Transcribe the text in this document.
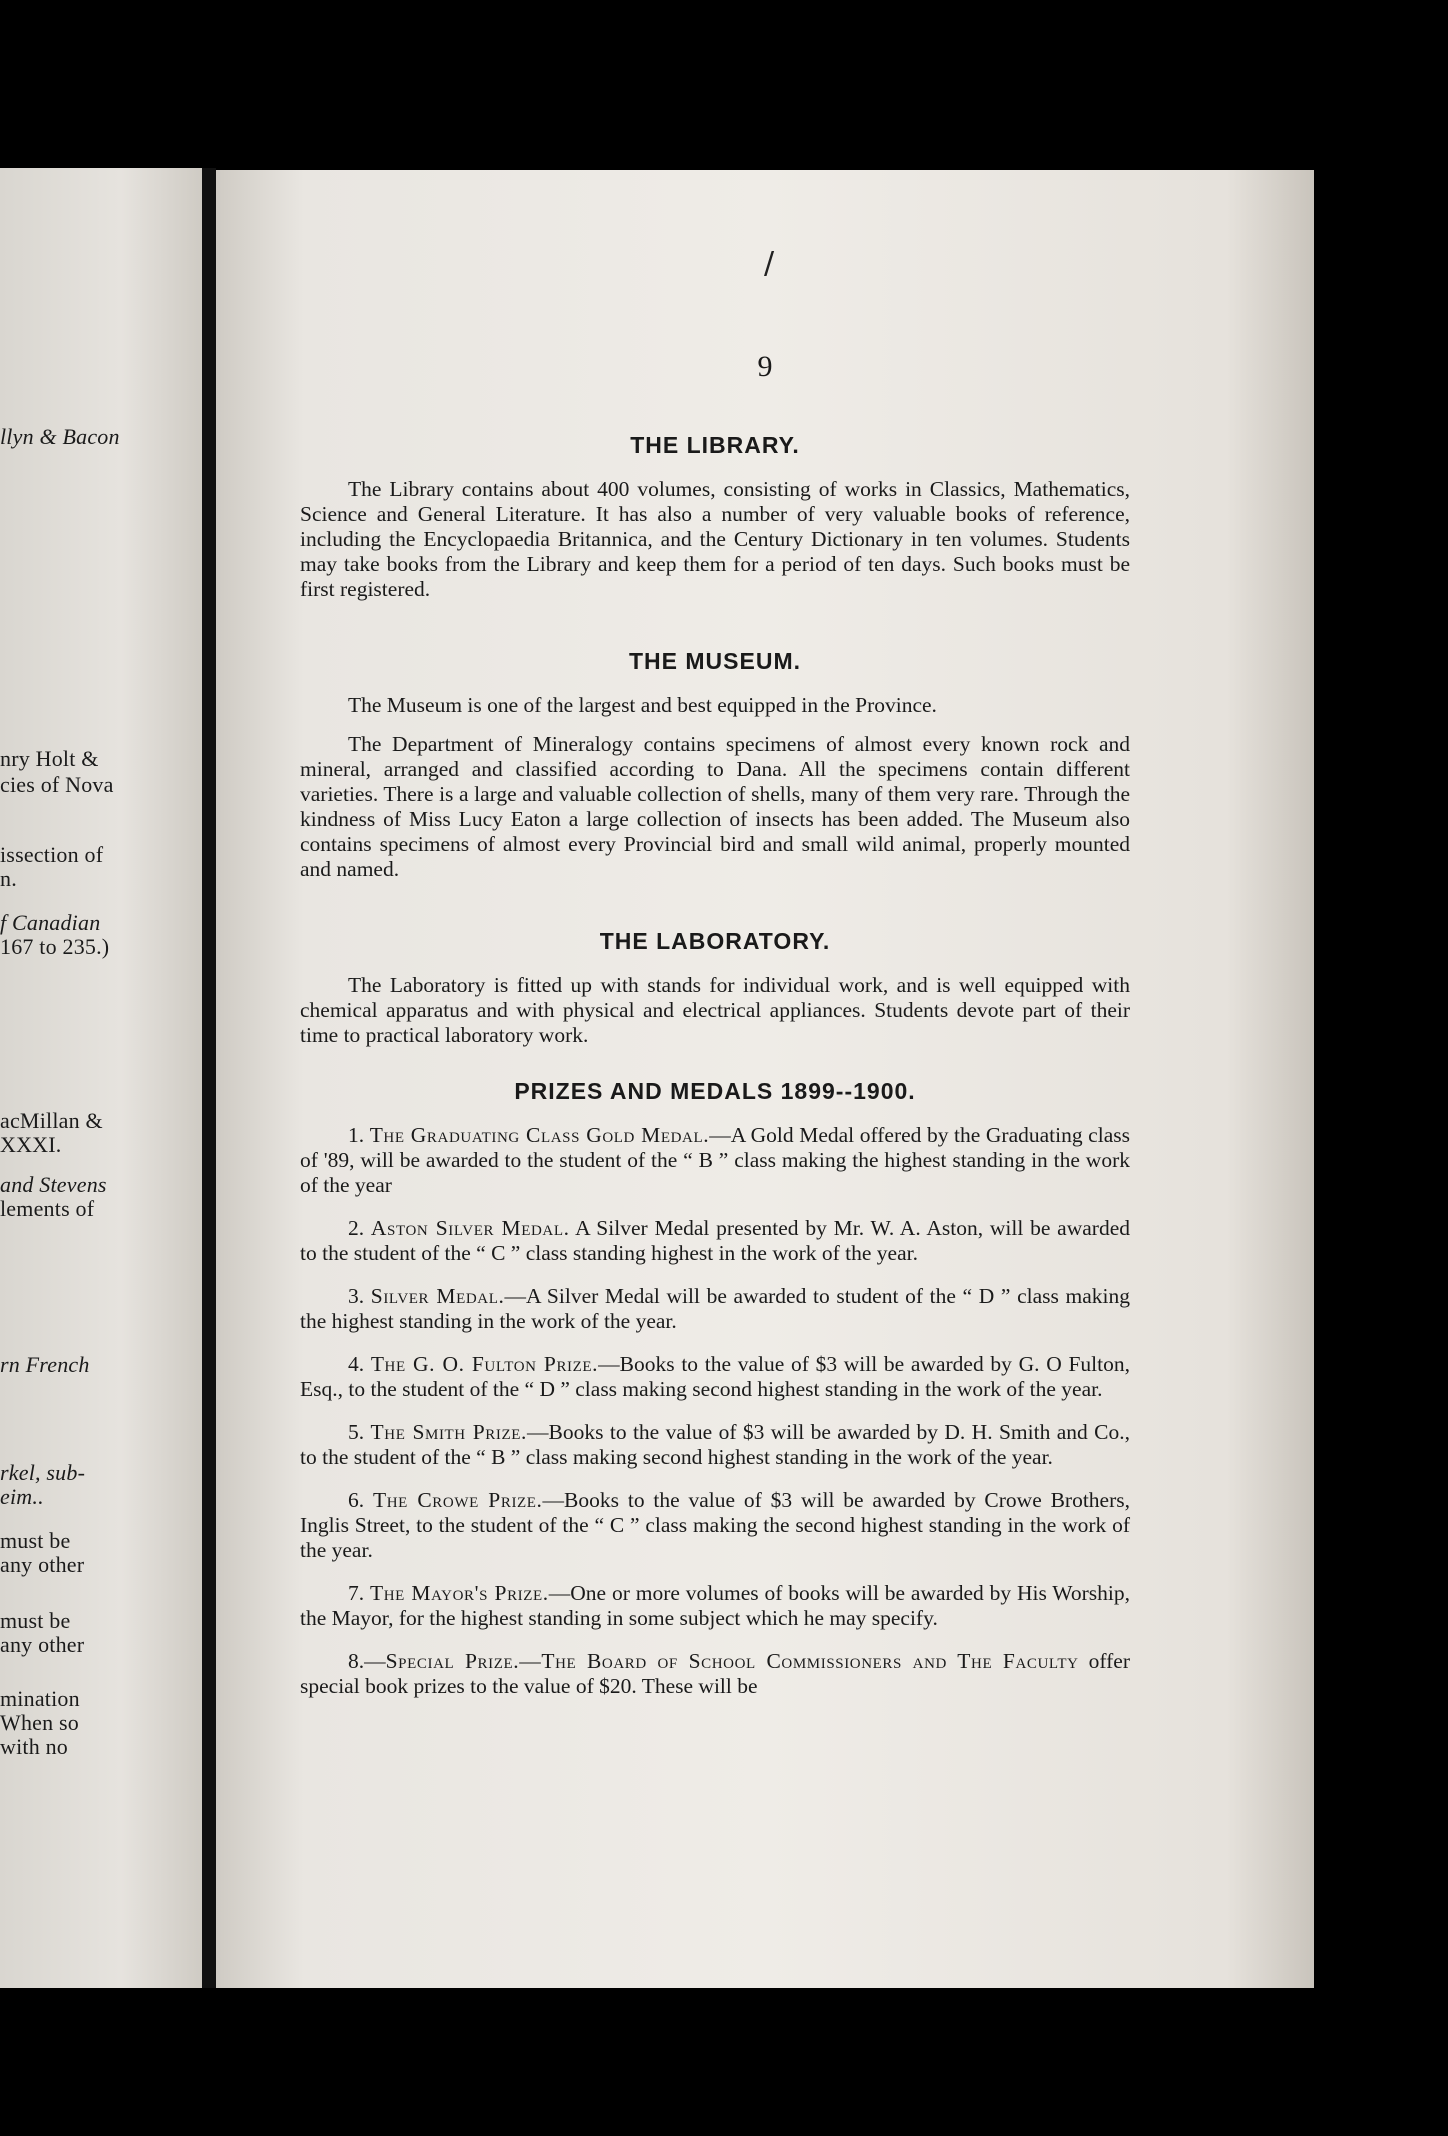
llyn & Bacon
nry Holt &
cies of Nova
issection of
n.
f Canadian
167 to 235.)
acMillan &
XXXI.
and Stevens
lements of
rn French
rkel, sub-
eim..
must be
any other
must be
any other
mination
When so
with no
/
9
THE LIBRARY.

The Library contains about 400 volumes, consisting of works in Classics, Mathematics, Science and General Literature. It has also a number of very valuable books of reference, including the Encyclopaedia Britannica, and the Century Dictionary in ten volumes. Students may take books from the Library and keep them for a period of ten days. Such books must be first registered.

THE MUSEUM.

The Museum is one of the largest and best equipped in the Province.

The Department of Mineralogy contains specimens of almost every known rock and mineral, arranged and classified according to Dana. All the specimens contain different varieties. There is a large and valuable collection of shells, many of them very rare. Through the kindness of Miss Lucy Eaton a large collection of insects has been added. The Museum also contains specimens of almost every Provincial bird and small wild animal, properly mounted and named.

THE LABORATORY.

The Laboratory is fitted up with stands for individual work, and is well equipped with chemical apparatus and with physical and electrical appliances. Students devote part of their time to practical laboratory work.

PRIZES AND MEDALS 1899--1900.

1. The Graduating Class Gold Medal.—A Gold Medal offered by the Graduating class of '89, will be awarded to the student of the “ B ” class making the highest standing in the work of the year

2. Aston Silver Medal. A Silver Medal presented by Mr. W. A. Aston, will be awarded to the student of the “ C ” class standing highest in the work of the year.

3. Silver Medal.—A Silver Medal will be awarded to student of the “ D ” class making the highest standing in the work of the year.

4. The G. O. Fulton Prize.—Books to the value of $3 will be awarded by G. O Fulton, Esq., to the student of the “ D ” class making second highest standing in the work of the year.

5. The Smith Prize.—Books to the value of $3 will be awarded by D. H. Smith and Co., to the student of the “ B ” class making second highest standing in the work of the year.

6. The Crowe Prize.—Books to the value of $3 will be awarded by Crowe Brothers, Inglis Street, to the student of the “ C ” class making the second highest standing in the work of the year.

7. The Mayor's Prize.—One or more volumes of books will be awarded by His Worship, the Mayor, for the highest standing in some subject which he may specify.

8.—Special Prize.—The Board of School Commissioners and The Faculty offer special book prizes to the value of $20. These will be
